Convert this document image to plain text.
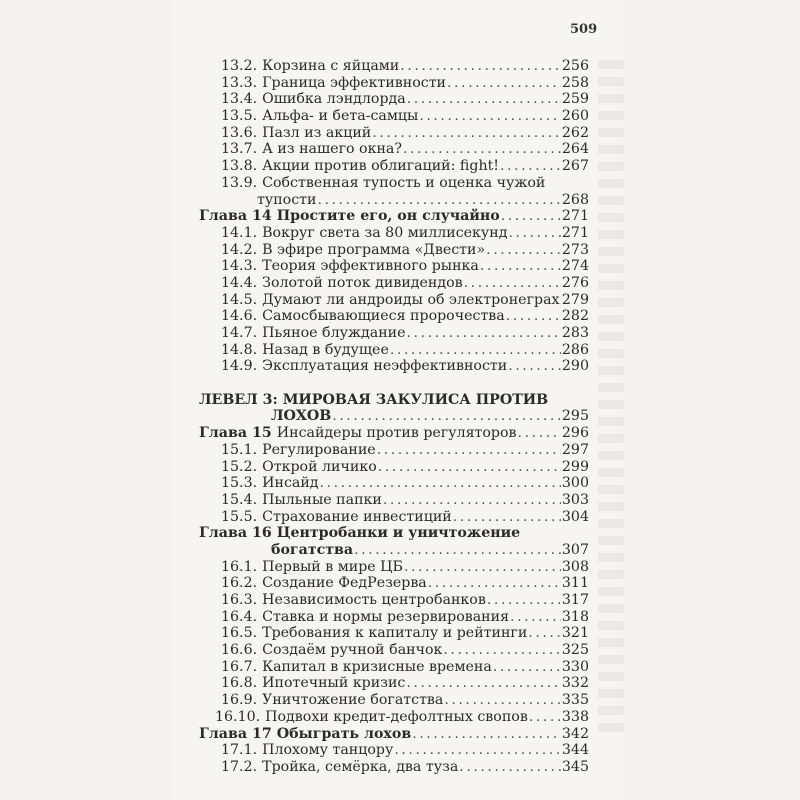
509
13.2. Корзина с яйцами . . .	256
13.3. Граница эффективности . . .	258
13.4. Ошибка лэндлорда . . .	259
13.5. Альфа- и бета-самцы . . .	260
13.6. Пазл из акций . . .	262
13.7. А из нашего окна? . . .	264
13.8. Акции против облигаций: fight! . . .	267
13.9. Собственная тупость и оценка чужой
тупости . . .	268
Глава 14 Простите его, он случайно . . .	271
14.1. Вокруг света за 80 миллисекунд . . .	271
14.2. В эфире программа «Двести» . . .	273
14.3. Теория эффективного рынка . . .	274
14.4. Золотой поток дивидендов . . .	276
14.5. Думают ли андроиды об электронеграх . . . 279
14.6. Самосбывающиеся пророчества . . .	282
14.7. Пьяное блуждание . . .	283
14.8. Назад в будущее . . .	286
14.9. Эксплуатация неэффективности . . .	290
ЛЕВЕЛ 3: МИРОВАЯ ЗАКУЛИСА ПРОТИВ
ЛОХОВ . . .	295
Глава 15 Инсайдеры против регуляторов . . .	296
15.1. Регулирование . . .	297
15.2. Открой личико . . .	299
15.3. Инсайд . . .	300
15.4. Пыльные папки . . .	303
15.5. Страхование инвестиций . . .	304
Глава 16 Центробанки и уничтожение
богатства . . .	307
16.1. Первый в мире ЦБ . . .	308
16.2. Создание ФедРезерва . . .	311
16.3. Независимость центробанков . . .	317
16.4. Ставка и нормы резервирования . . .	318
16.5. Требования к капиталу и рейтинги . . . 321
16.6. Создаём ручной банчок . . .	325
16.7. Капитал в кризисные времена . . .	330
16.8. Ипотечный кризис . . .	332
16.9. Уничтожение богатства . . .	335
16.10. Подвохи кредит-дефолтных свопов . . . 338
Глава 17 Обыграть лохов . . .	342
17.1. Плохому танцору . . .	344
17.2. Тройка, семёрка, два туза . . .	345
